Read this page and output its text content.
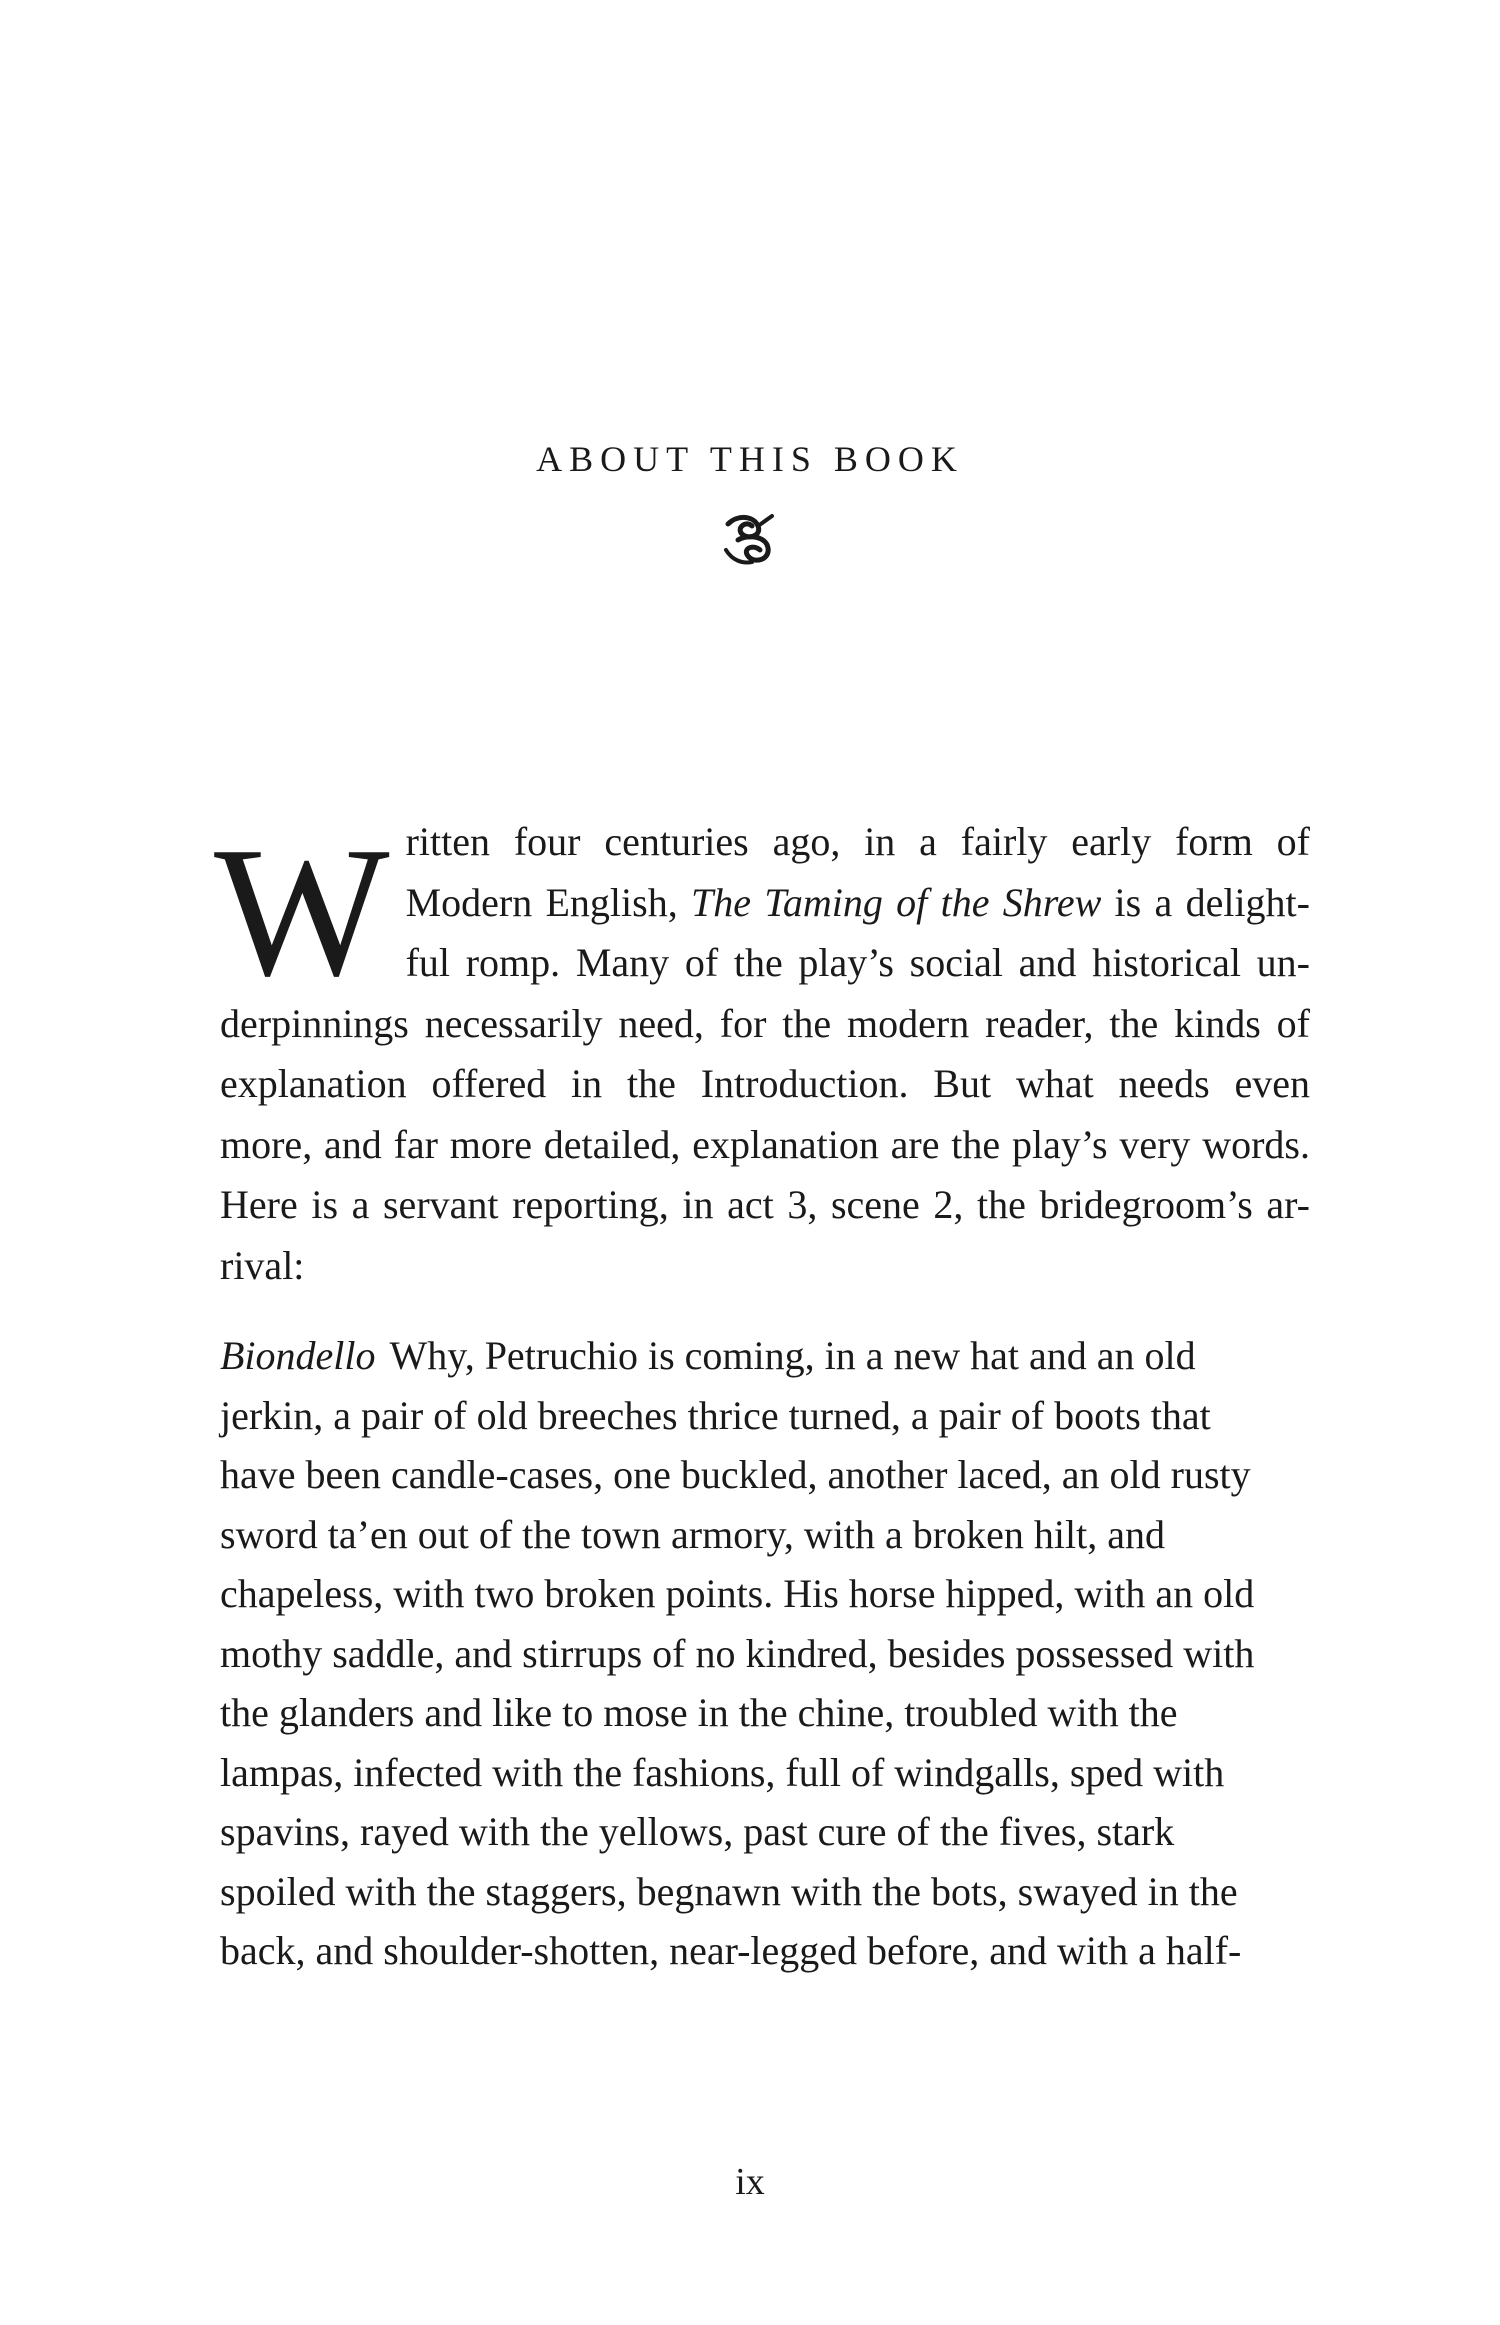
ABOUT THIS BOOK
W ritten four centuries ago, in a fairly early form of
Modern English, The Taming of the Shrew is a delight-
ful romp. Many of the play’s social and historical un-
derpinnings necessarily need, for the modern reader, the kinds of
explanation offered in the Introduction. But what needs even
more, and far more detailed, explanation are the play’s very words.
Here is a servant reporting, in act 3, scene 2, the bridegroom’s ar-
rival:
Biondello Why, Petruchio is coming, in a new hat and an old
jerkin, a pair of old breeches thrice turned, a pair of boots that
have been candle-cases, one buckled, another laced, an old rusty
sword ta’en out of the town armory, with a broken hilt, and
chapeless, with two broken points. His horse hipped, with an old
mothy saddle, and stirrups of no kindred, besides possessed with
the glanders and like to mose in the chine, troubled with the
lampas, infected with the fashions, full of windgalls, sped with
spavins, rayed with the yellows, past cure of the fives, stark
spoiled with the staggers, begnawn with the bots, swayed in the
back, and shoulder-shotten, near-legged before, and with a half-
ix
